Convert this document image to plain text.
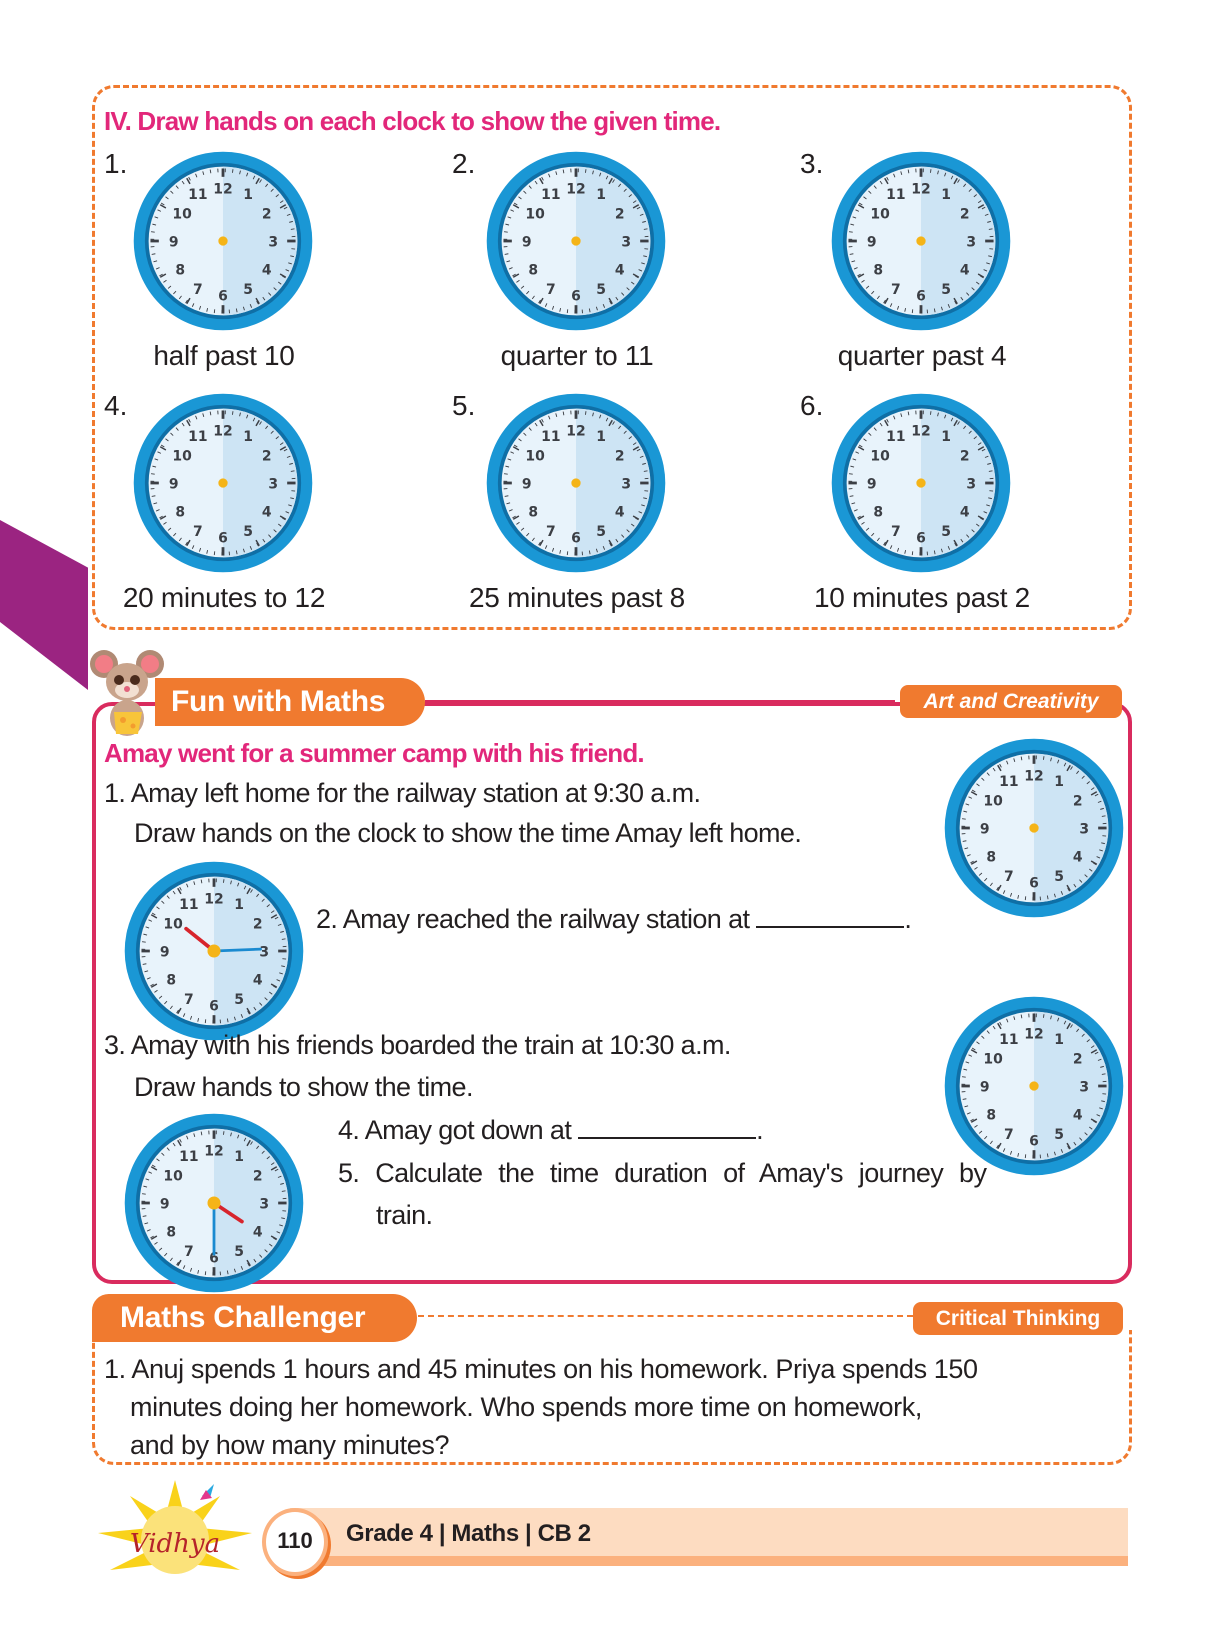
IV. Draw hands on each clock to show the given time.
1.	2.	3.
4.	5.	6.
half past 10	quarter to 11	quarter past 4
20 minutes to 12	25 minutes past 8	10 minutes past 2
Fun with Maths	Art and Creativity
Amay went for a summer camp with his friend.
1. Amay left home for the railway station at 9:30 a.m.
Draw hands on the clock to show the time Amay left home.
2. Amay reached the railway station at	.
3. Amay with his friends boarded the train at 10:30 a.m.
Draw hands to show the time.
4. Amay got down at	.
5. Calculate the time duration of Amay's journey by
train.
Maths Challenger	Critical Thinking
1. Anuj spends 1 hours and 45 minutes on his homework. Priya spends 150
minutes doing her homework. Who spends more time on homework,
and by how many minutes?
Vidhya	110	Grade 4 | Maths | CB 2
